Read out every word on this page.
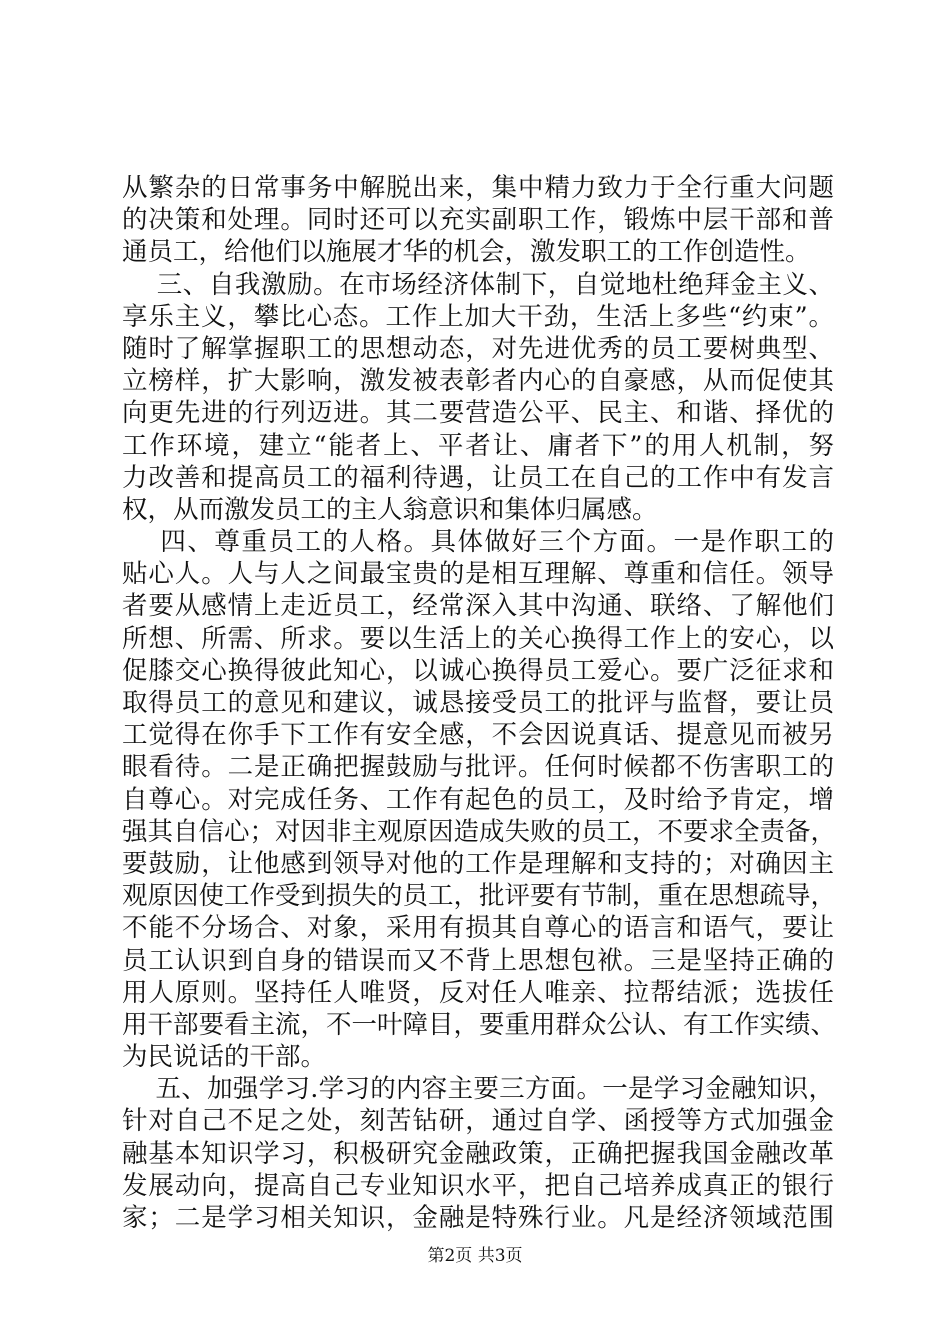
从繁杂的日常事务中解脱出来，集中精力致力于全行重大问题
的决策和处理。同时还可以充实副职工作，锻炼中层干部和普
通员工，给他们以施展才华的机会，激发职工的工作创造性。
三、自我激励。在市场经济体制下，自觉地杜绝拜金主义、
享乐主义，攀比心态。工作上加大干劲，生活上多些“约束”。
随时了解掌握职工的思想动态，对先进优秀的员工要树典型、
立榜样，扩大影响，激发被表彰者内心的自豪感，从而促使其
向更先进的行列迈进。其二要营造公平、民主、和谐、择优的
工作环境，建立“能者上、平者让、庸者下”的用人机制，努
力改善和提高员工的福利待遇，让员工在自己的工作中有发言
权，从而激发员工的主人翁意识和集体归属感。
四、尊重员工的人格。具体做好三个方面。一是作职工的
贴心人。人与人之间最宝贵的是相互理解、尊重和信任。领导
者要从感情上走近员工，经常深入其中沟通、联络、了解他们
所想、所需、所求。要以生活上的关心换得工作上的安心，以
促膝交心换得彼此知心，以诚心换得员工爱心。要广泛征求和
取得员工的意见和建议，诚恳接受员工的批评与监督，要让员
工觉得在你手下工作有安全感，不会因说真话、提意见而被另
眼看待。二是正确把握鼓励与批评。任何时候都不伤害职工的
自尊心。对完成任务、工作有起色的员工，及时给予肯定，增
强其自信心；对因非主观原因造成失败的员工，不要求全责备，
要鼓励，让他感到领导对他的工作是理解和支持的；对确因主
观原因使工作受到损失的员工，批评要有节制，重在思想疏导，
不能不分场合、对象，采用有损其自尊心的语言和语气，要让
员工认识到自身的错误而又不背上思想包袱。三是坚持正确的
用人原则。坚持任人唯贤，反对任人唯亲、拉帮结派；选拔任
用干部要看主流，不一叶障目，要重用群众公认、有工作实绩、
为民说话的干部。
五、加强学习.学习的内容主要三方面。一是学习金融知识，
针对自己不足之处，刻苦钻研，通过自学、函授等方式加强金
融基本知识学习，积极研究金融政策，正确把握我国金融改革
发展动向，提高自己专业知识水平，把自己培养成真正的银行
家；二是学习相关知识，金融是特殊行业。凡是经济领域范围
第2页 共3页
